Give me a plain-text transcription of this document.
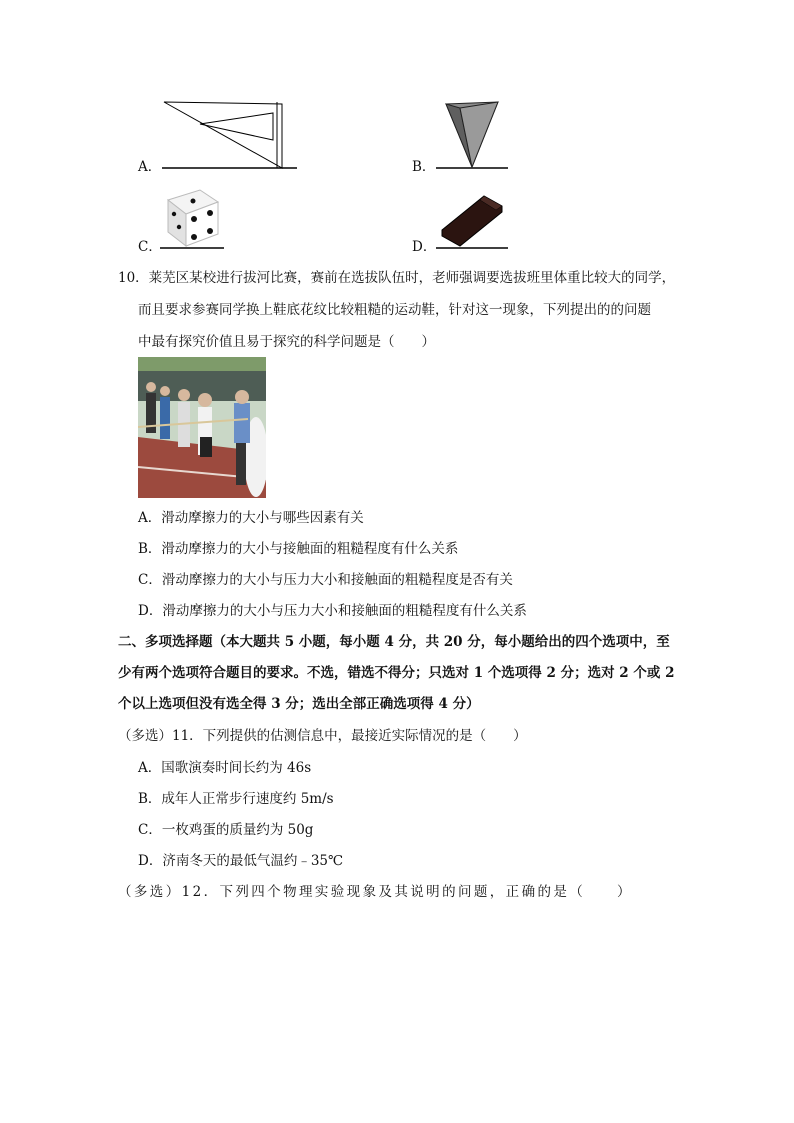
A．	B．
C．	D．
10．莱芜区某校进行拔河比赛，赛前在选拔队伍时，老师强调要选拔班里体重比较大的同学，
而且要求参赛同学换上鞋底花纹比较粗糙的运动鞋，针对这一现象，下列提出的的问题
中最有探究价值且易于探究的科学问题是（　　）
A．滑动摩擦力的大小与哪些因素有关
B．滑动摩擦力的大小与接触面的粗糙程度有什么关系
C．滑动摩擦力的大小与压力大小和接触面的粗糙程度是否有关
D．滑动摩擦力的大小与压力大小和接触面的粗糙程度有什么关系
二、多项选择题（本大题共 5 小题，每小题 4 分，共 20 分，每小题给出的四个选项中，至
少有两个选项符合题目的要求。不选，错选不得分；只选对 1 个选项得 2 分；选对 2 个或 2
个以上选项但没有选全得 3 分；选出全部正确选项得 4 分）
（多选）11．下列提供的估测信息中，最接近实际情况的是（　　）
A．国歌演奏时间长约为 46s
B．成年人正常步行速度约 5m/s
C．一枚鸡蛋的质量约为 50g
D．济南冬天的最低气温约﹣35℃
（多选）12．下列四个物理实验现象及其说明的问题，正确的是（　　）
